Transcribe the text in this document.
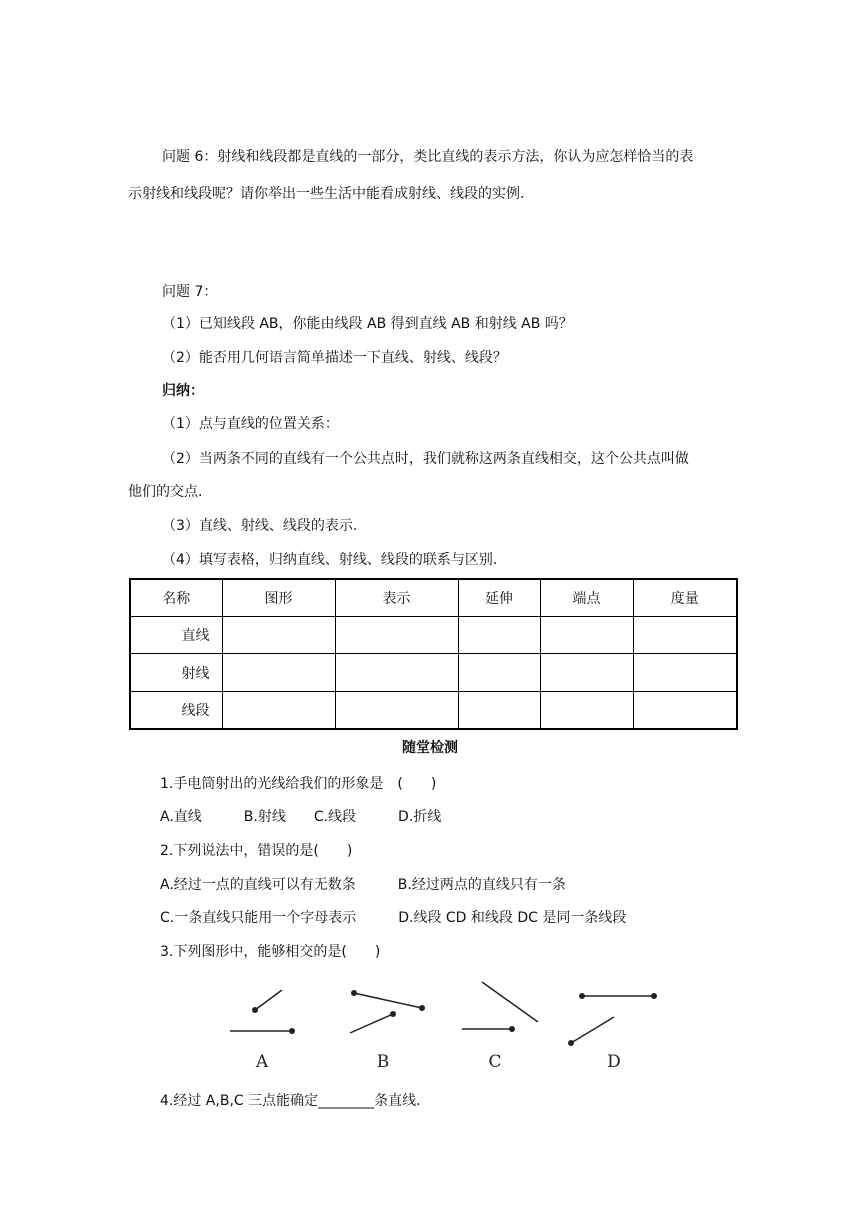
问题 6：射线和线段都是直线的一部分，类比直线的表示方法，你认为应怎样恰当的表
示射线和线段呢？请你举出一些生活中能看成射线、线段的实例.
问题 7：
（1）已知线段 AB，你能由线段 AB 得到直线 AB 和射线 AB 吗？
（2）能否用几何语言简单描述一下直线、射线、线段？
归纳：
（1）点与直线的位置关系：
（2）当两条不同的直线有一个公共点时，我们就称这两条直线相交，这个公共点叫做
他们的交点.
（3）直线、射线、线段的表示.
（4）填写表格，归纳直线、射线、线段的联系与区别.
名称	图形	表示	延伸	端点	度量
直线					
射线					
线段					
随堂检测
1.手电筒射出的光线给我们的形象是　(　　)
A.直线　　　B.射线　　C.线段　　　D.折线
2.下列说法中，错误的是(　　)
A.经过一点的直线可以有无数条　　　B.经过两点的直线只有一条
C.一条直线只能用一个字母表示　　　D.线段 CD 和线段 DC 是同一条线段
3.下列图形中，能够相交的是(　　)
A	B	C	D
4.经过 A,B,C 三点能确定________条直线.
